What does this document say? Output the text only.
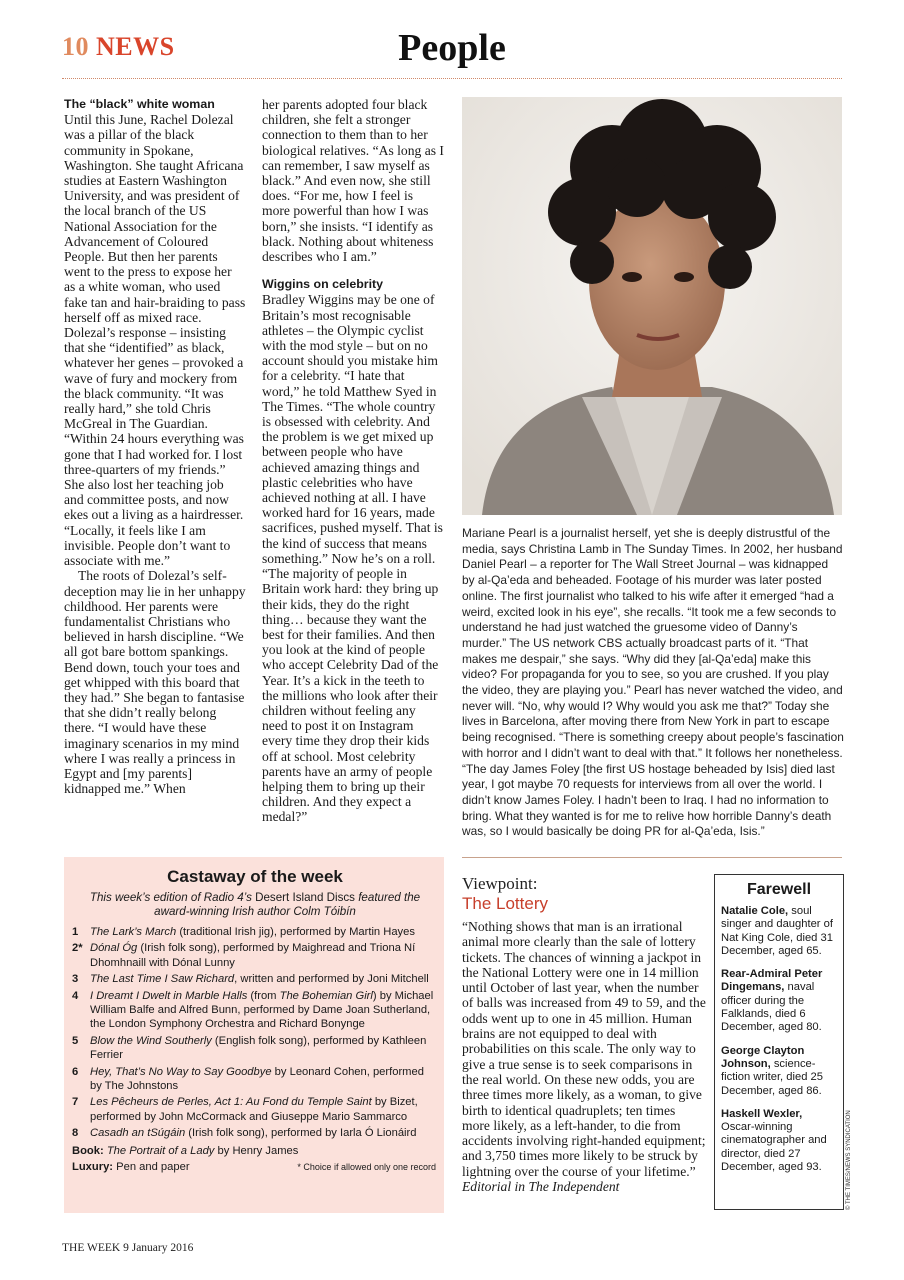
10 NEWS	People
The “black” white woman

Until this June, Rachel Dolezal was a pillar of the black community in Spokane, Washington. She taught Africana studies at Eastern Washington University, and was president of the local branch of the US National Association for the Advancement of Coloured People. But then her parents went to the press to expose her as a white woman, who used fake tan and hair-braiding to pass herself off as mixed race. Dolezal’s response – insisting that she “identified” as black, whatever her genes – provoked a wave of fury and mockery from the black community. “It was really hard,” she told Chris McGreal in The Guardian. “Within 24 hours everything was gone that I had worked for. I lost three-quarters of my friends.” She also lost her teaching job and committee posts, and now ekes out a living as a hairdresser. “Locally, it feels like I am invisible. People don’t want to associate with me.”

The roots of Dolezal’s self-deception may lie in her unhappy childhood. Her parents were fundamentalist Christians who believed in harsh discipline. “We all got bare bottom spankings. Bend down, touch your toes and get whipped with this board that they had.” She began to fantasise that she didn’t really belong there. “I would have these imaginary scenarios in my mind where I was really a princess in Egypt and [my parents] kidnapped me.” When

her parents adopted four black children, she felt a stronger connection to them than to her biological relatives. “As long as I can remember, I saw myself as black.” And even now, she still does. “For me, how I feel is more powerful than how I was born,” she insists. “I identify as black. Nothing about whiteness describes who I am.”

Wiggins on celebrity

Bradley Wiggins may be one of Britain’s most recognisable athletes – the Olympic cyclist with the mod style – but on no account should you mistake him for a celebrity. “I hate that word,” he told Matthew Syed in The Times. “The whole country is obsessed with celebrity. And the problem is we get mixed up between people who have achieved amazing things and plastic celebrities who have achieved nothing at all. I have worked hard for 16 years, made sacrifices, pushed myself. That is the kind of success that means something.” Now he’s on a roll. “The majority of people in Britain work hard: they bring up their kids, they do the right thing… because they want the best for their families. And then you look at the kind of people who accept Celebrity Dad of the Year. It’s a kick in the teeth to the millions who look after their children without feeling any need to post it on Instagram every time they drop their kids off at school. Most celebrity parents have an army of people helping them to bring up their children. And they expect a medal?”

Mariane Pearl is a journalist herself, yet she is deeply distrustful of the media, says Christina Lamb in The Sunday Times. In 2002, her husband Daniel Pearl – a reporter for The Wall Street Journal – was kidnapped by al-Qa’eda and beheaded. Footage of his murder was later posted online. The first journalist who talked to his wife after it emerged “had a weird, excited look in his eye”, she recalls. “It took me a few seconds to understand he had just watched the gruesome video of Danny’s murder.” The US network CBS actually broadcast parts of it. “That makes me despair,” she says. “Why did they [al-Qa’eda] make this video? For propaganda for you to see, so you are crushed. If you play the video, they are playing you.” Pearl has never watched the video, and never will. “No, why would I? Why would you ask me that?” Today she lives in Barcelona, after moving there from New York in part to escape being recognised. “There is something creepy about people’s fascination with horror and I didn’t want to deal with that.” It follows her nonetheless. “The day James Foley [the first US hostage beheaded by Isis] died last year, I got maybe 70 requests for interviews from all over the world. I didn’t know James Foley. I hadn’t been to Iraq. I had no information to bring. What they wanted is for me to relive how horrible Danny’s death was, so I would basically be doing PR for al-Qa’eda, Isis.”
Castaway of the week
This week’s edition of Radio 4’s Desert Island Discs featured the award-winning Irish author Colm Tóibín
1	The Lark’s March (traditional Irish jig), performed by Martin Hayes
2* Dónal Óg (Irish folk song), performed by Maighread and Triona Ní Dhomhnaill with Dónal Lunny
3	The Last Time I Saw Richard, written and performed by Joni Mitchell
4	I Dreamt I Dwelt in Marble Halls (from The Bohemian Girl) by Michael William Balfe and Alfred Bunn, performed by Dame Joan Sutherland, the London Symphony Orchestra and Richard Bonynge
5	Blow the Wind Southerly (English folk song), performed by Kathleen Ferrier
6	Hey, That’s No Way to Say Goodbye by Leonard Cohen, performed by The Johnstons
7	Les Pêcheurs de Perles, Act 1: Au Fond du Temple Saint by Bizet, performed by John McCormack and Giuseppe Mario Sammarco
8	Casadh an tSúgáin (Irish folk song), performed by Iarla Ó Lionáird
Book: The Portrait of a Lady by Henry James
Luxury: Pen and paper	* Choice if allowed only one record
Viewpoint:
The Lottery
“Nothing shows that man is an irrational animal more clearly than the sale of lottery tickets. The chances of winning a jackpot in the National Lottery were one in 14 million until October of last year, when the number of balls was increased from 49 to 59, and the odds went up to one in 45 million. Human brains are not equipped to deal with probabilities on this scale. The only way to give a true sense is to seek comparisons in the real world. On these new odds, you are three times more likely, as a woman, to give birth to identical quadruplets; ten times more likely, as a left-hander, to die from accidents involving right-handed equipment; and 3,750 times more likely to be struck by lightning over the course of your lifetime.”
Editorial in The Independent
Farewell
Natalie Cole, soul singer and daughter of Nat King Cole, died 31 December, aged 65.
Rear-Admiral Peter Dingemans, naval officer during the Falklands, died 6 December, aged 80.
George Clayton Johnson, science-fiction writer, died 25 December, aged 86.
Haskell Wexler, Oscar-winning cinematographer and director, died 27 December, aged 93.	© THE TIMES/NEWS SYNDICATION
THE WEEK 9 January 2016
